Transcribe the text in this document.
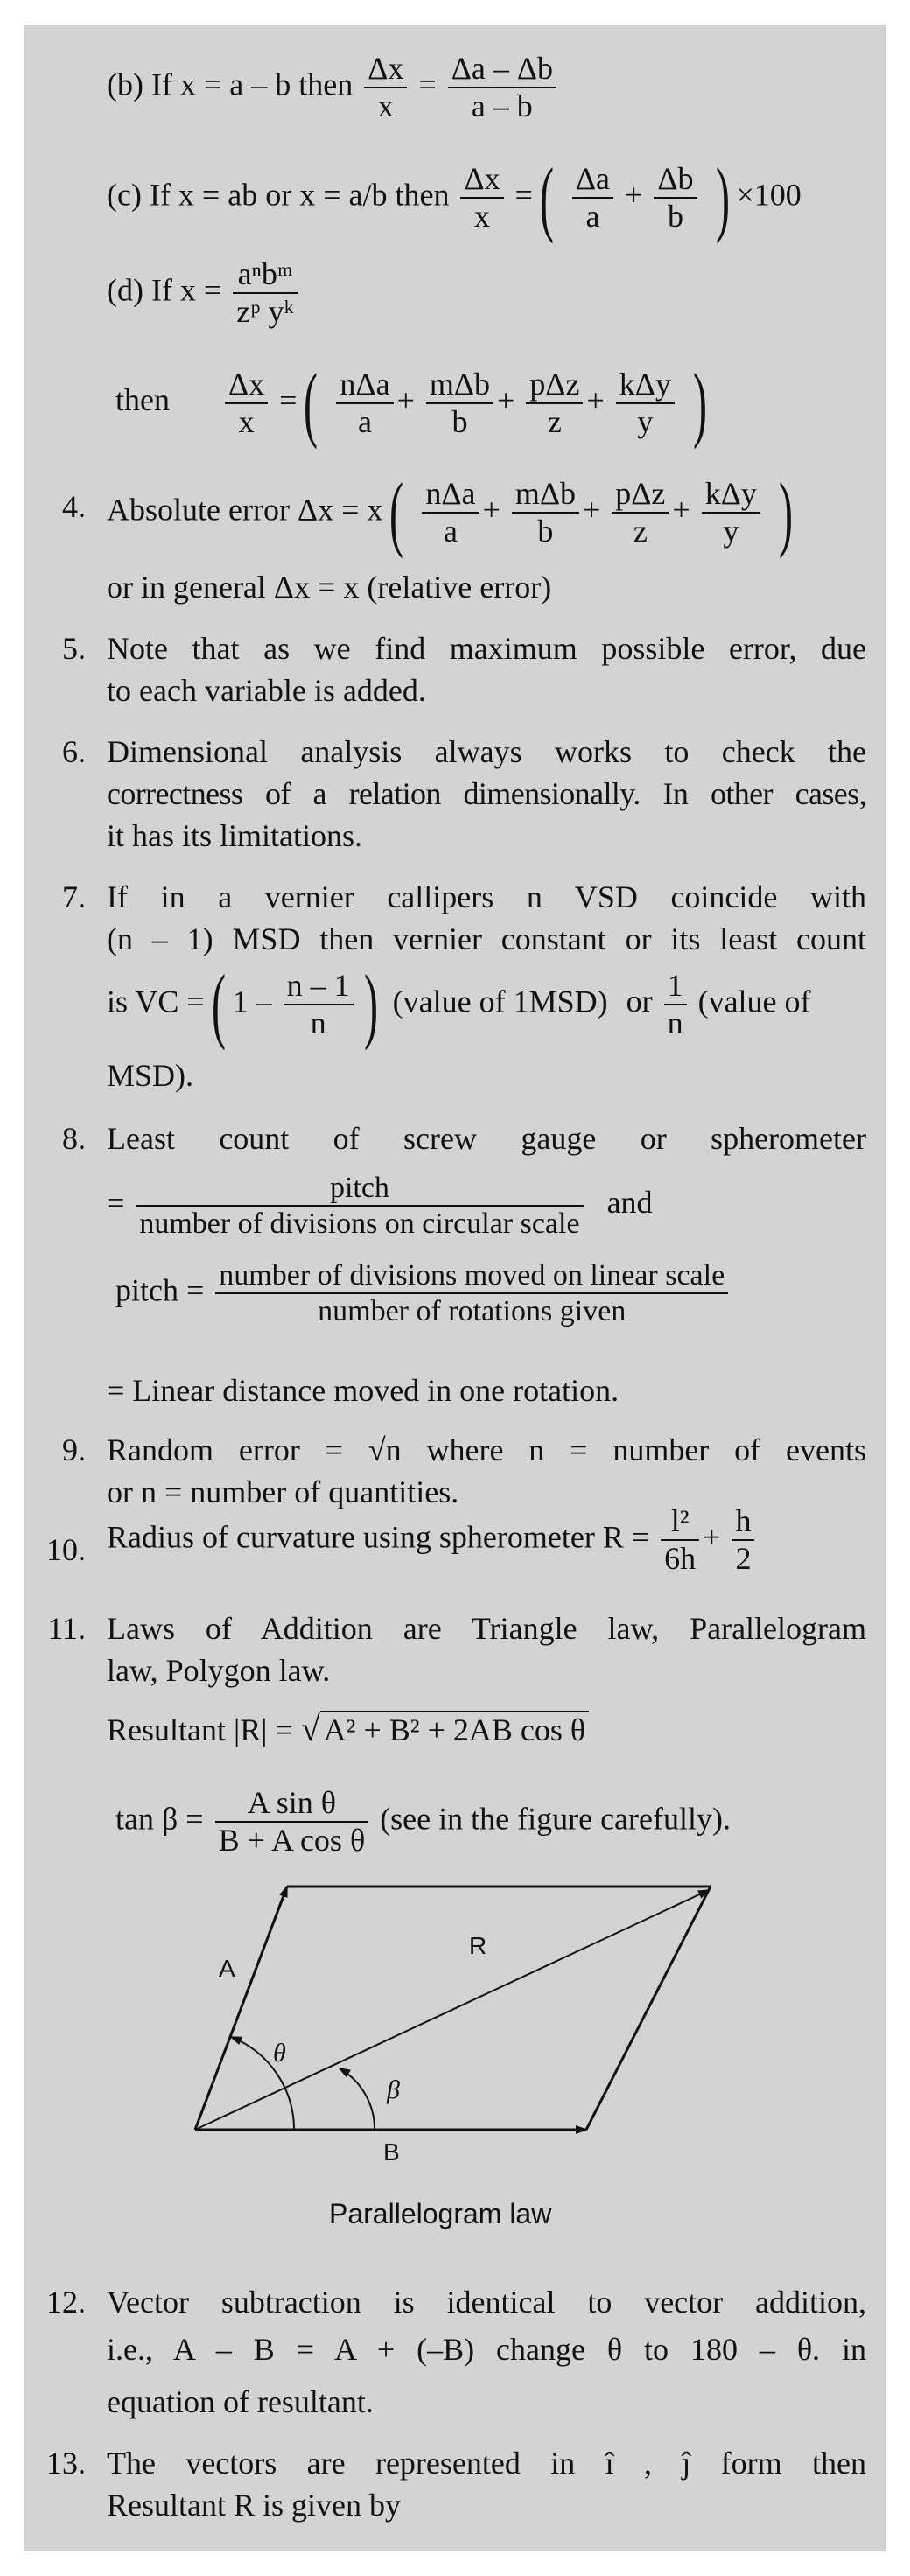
(b) If x = a – b then $\frac{\Delta x}{x} = \frac{\Delta a - \Delta b}{a - b}$
(c) If x = ab or x = a/b then $\frac{\Delta x}{x}$ =( $\frac{\Delta a}{a} + \frac{\Delta b}{b}$ ) ×100
(d) If x = aⁿbᵐ
zᵖ yᵏ
then $\frac{\Delta x}{x}$ =( nΔa
a
+ mΔb
b
+ pΔz
z
+ kΔy
y )
4. Absolute error Δx = x( nΔa
a
+ mΔb
b
+ pΔz
z
+ kΔy
y )
or in general Δx = x (relative error)
5. Note that as we find maximum possible error, due
to each variable is added.
6. Dimensional analysis always works to check the
correctness of a relation dimensionally. In other cases,
it has its limitations.
7. If in a vernier callipers n VSD coincide with
(n – 1) MSD then vernier constant or its least count
is VC =( $1 - \frac{n - 1}{n}$ ) (value of 1MSD) or $\frac{1}{n}$ (value of
MSD).
8. Least count of screw gauge or spherometer
=	pitch
number of divisions on circular scale
and
pitch = number of divisions moved on linear scale
number of rotations given
= Linear distance moved in one rotation.
9. Random error = √n where n = number of events
or n = number of quantities.
10. Radius of curvature using spherometer $R = \frac{\text{l²}}{6h} + \frac{h}{2}$
11. Laws of Addition are Triangle law, Parallelogram
law, Polygon law.
Resultant |R| = √ A² + B² + 2AB cos θ
$\tan \beta = \frac{\text{A sin θ}}{\text{B + A cos θ}} (see$ in the figure carefully).
A
R
B
θ
β
Parallelogram law
12. Vector subtraction is identical to vector addition,
i.e., A – B = A + (–B) change θ to 180 – θ. in
equation of resultant.
13. The vectors are represented in î , ĵ form then
Resultant R is given by
